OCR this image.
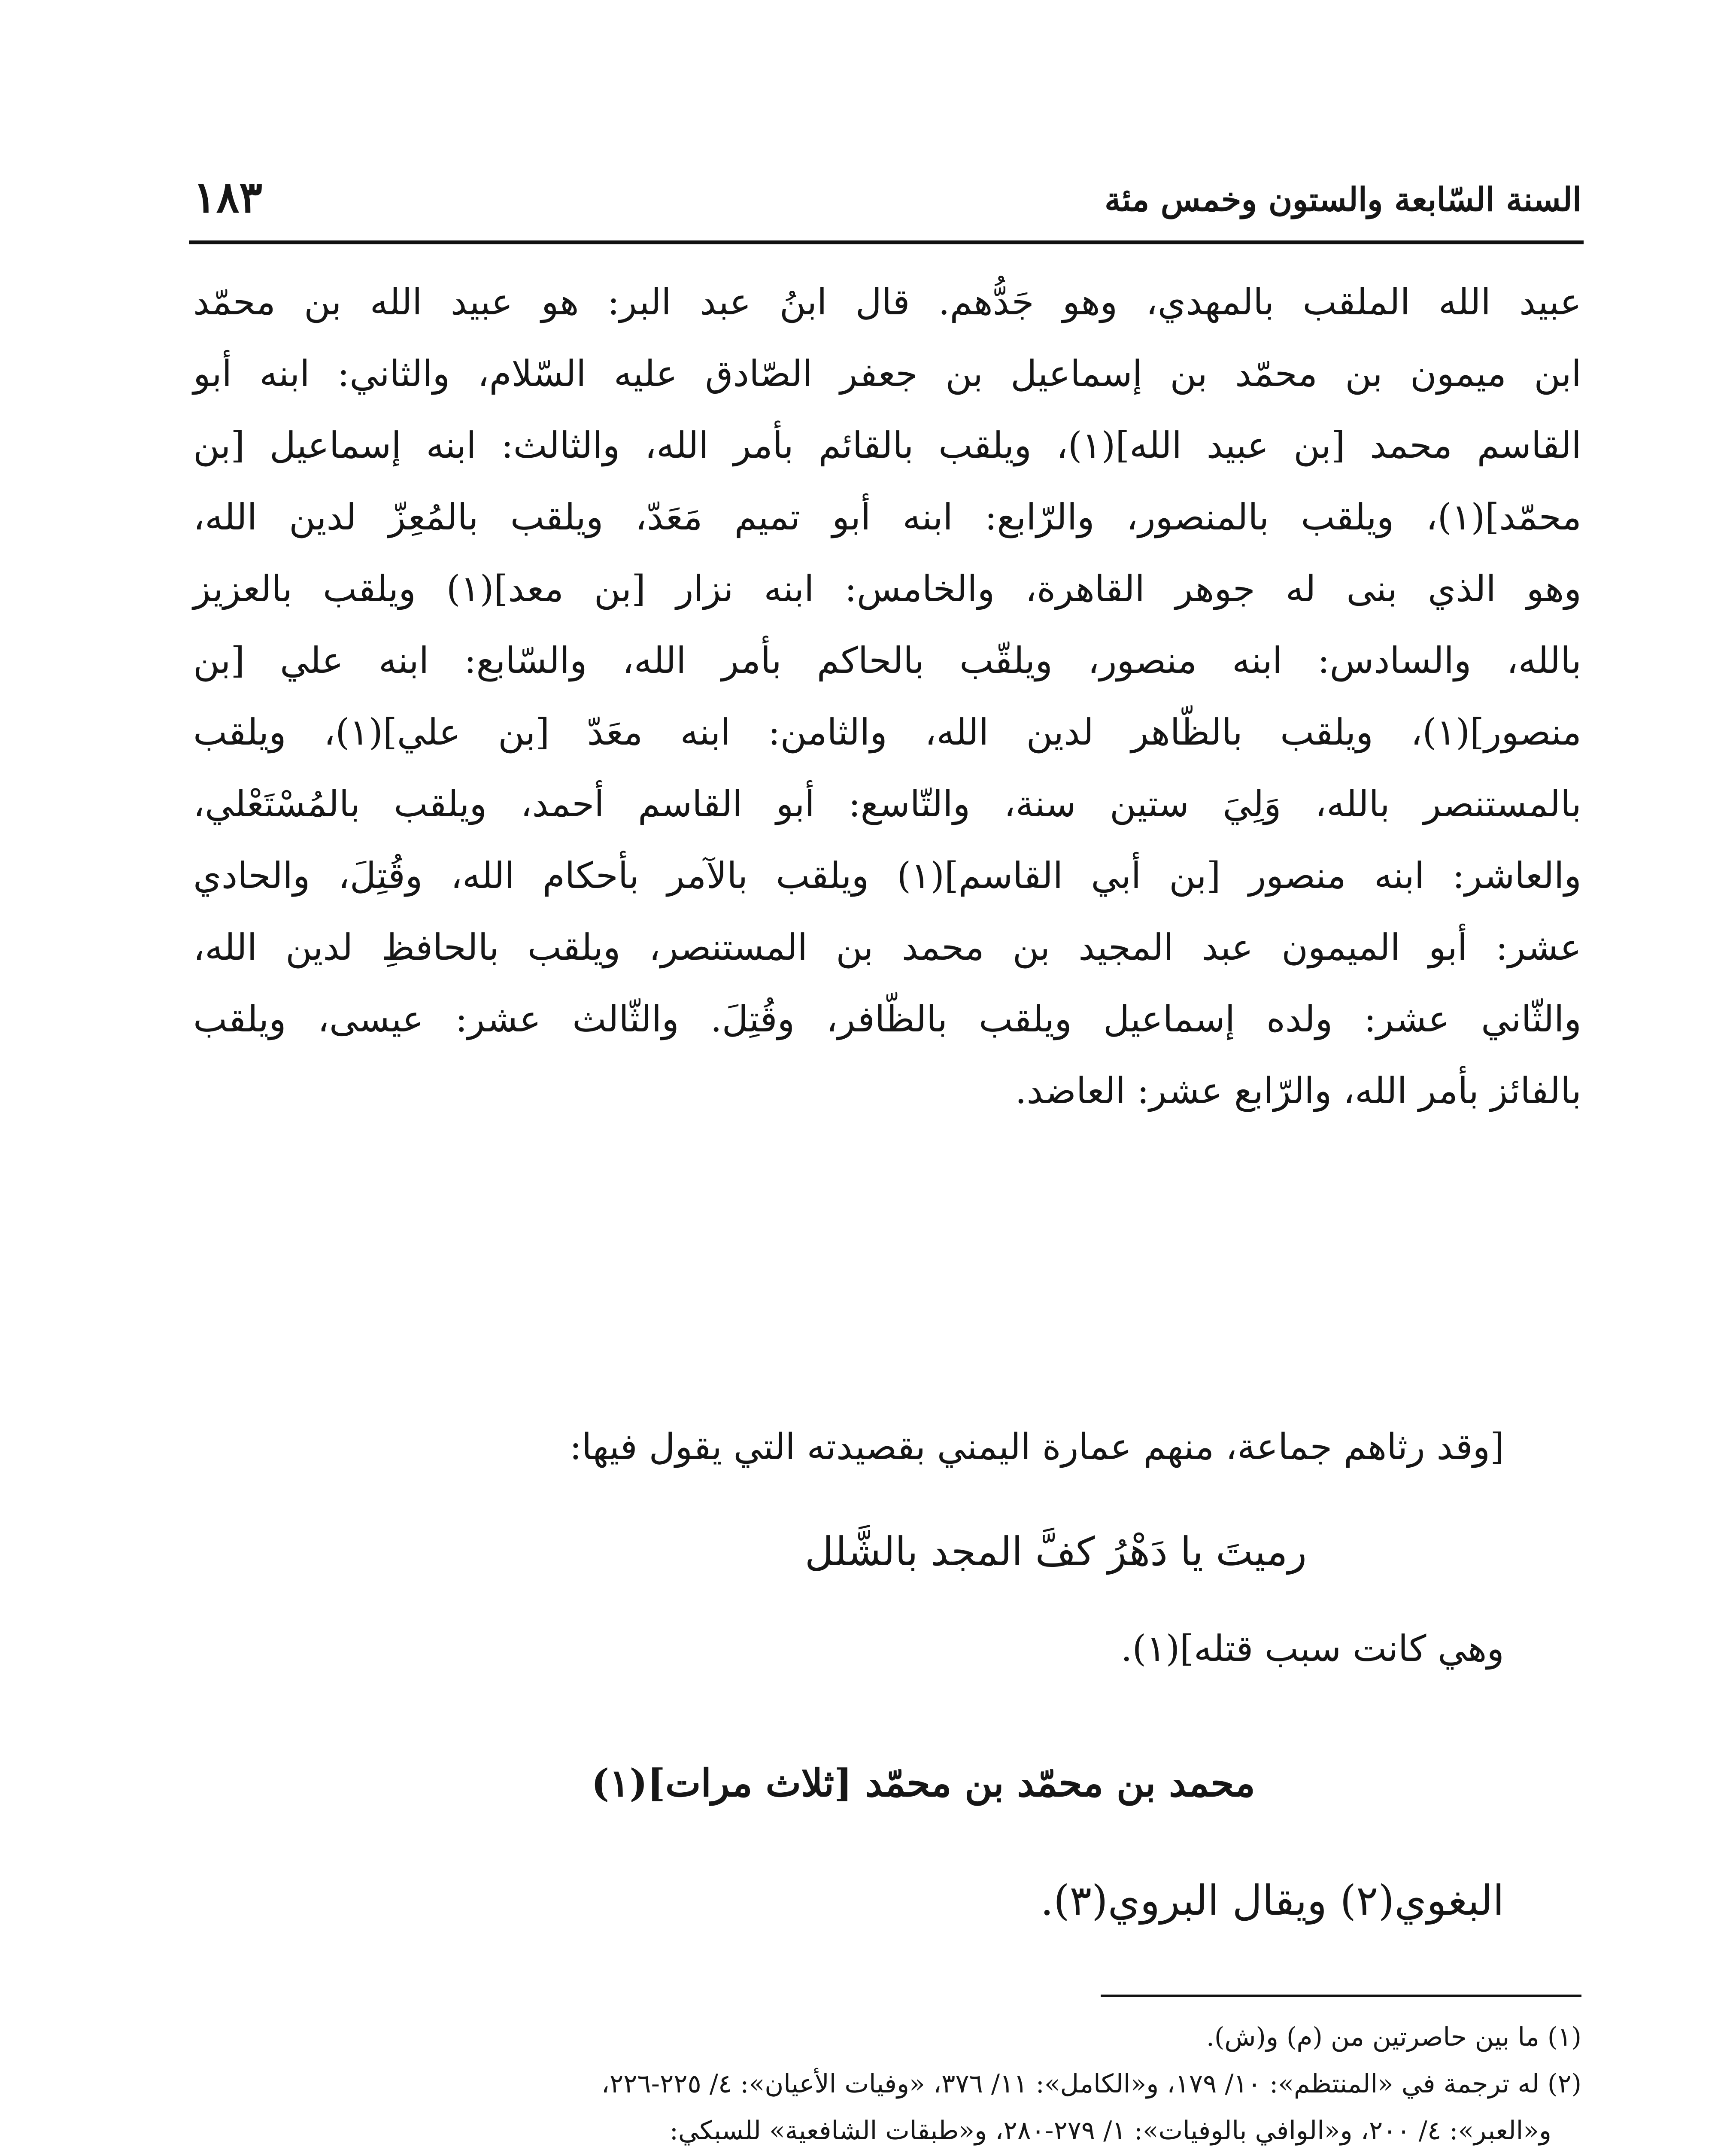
السنة السّابعة والستون وخمس مئة
١٨٣

عبيد الله الملقب بالمهدي، وهو جَدُّهم. قال ابنُ عبد البر: هو عبيد الله بن محمّد

ابن ميمون بن محمّد بن إسماعيل بن جعفر الصّادق عليه السّلام، والثاني: ابنه أبو

القاسم محمد [بن عبيد الله](١)، ويلقب بالقائم بأمر الله، والثالث: ابنه إسماعيل [بن

محمّد](١)، ويلقب بالمنصور، والرّابع: ابنه أبو تميم مَعَدّ، ويلقب بالمُعِزّ لدين الله،

وهو الذي بنى له جوهر القاهرة، والخامس: ابنه نزار [بن معد](١) ويلقب بالعزيز

بالله، والسادس: ابنه منصور، ويلقّب بالحاكم بأمر الله، والسّابع: ابنه علي [بن

منصور](١)، ويلقب بالظّاهر لدين الله، والثامن: ابنه معَدّ [بن علي](١)، ويلقب

بالمستنصر بالله، وَلِيَ ستين سنة، والتّاسع: أبو القاسم أحمد، ويلقب بالمُسْتَعْلي،

والعاشر: ابنه منصور [بن أبي القاسم](١) ويلقب بالآمر بأحكام الله، وقُتِلَ، والحادي

عشر: أبو الميمون عبد المجيد بن محمد بن المستنصر، ويلقب بالحافظِ لدين الله،

والثّاني عشر: ولده إسماعيل ويلقب بالظّافر، وقُتِلَ. والثّالث عشر: عيسى، ويلقب

بالفائز بأمر الله، والرّابع عشر: العاضد.

[وقد رثاهم جماعة، منهم عمارة اليمني بقصيدته التي يقول فيها:
رميتَ يا دَهْرُ كفَّ المجد بالشَّلل
وهي كانت سبب قتله](١).
محمد بن محمّد بن محمّد [ثلاث مرات](١)
البغوي(٢) ويقال البروي(٣).

(١) ما بين حاصرتين من (م) و(ش).

(٢) له ترجمة في «المنتظم»: ١٠/ ١٧٩، و«الكامل»: ١١/ ٣٧٦، «وفيات الأعيان»: ٤/ ٢٢٥-٢٢٦،

و«العبر»: ٤/ ٢٠٠، و«الوافي بالوفيات»: ١/ ٢٧٩-٢٨٠، و«طبقات الشافعية» للسبكي:
